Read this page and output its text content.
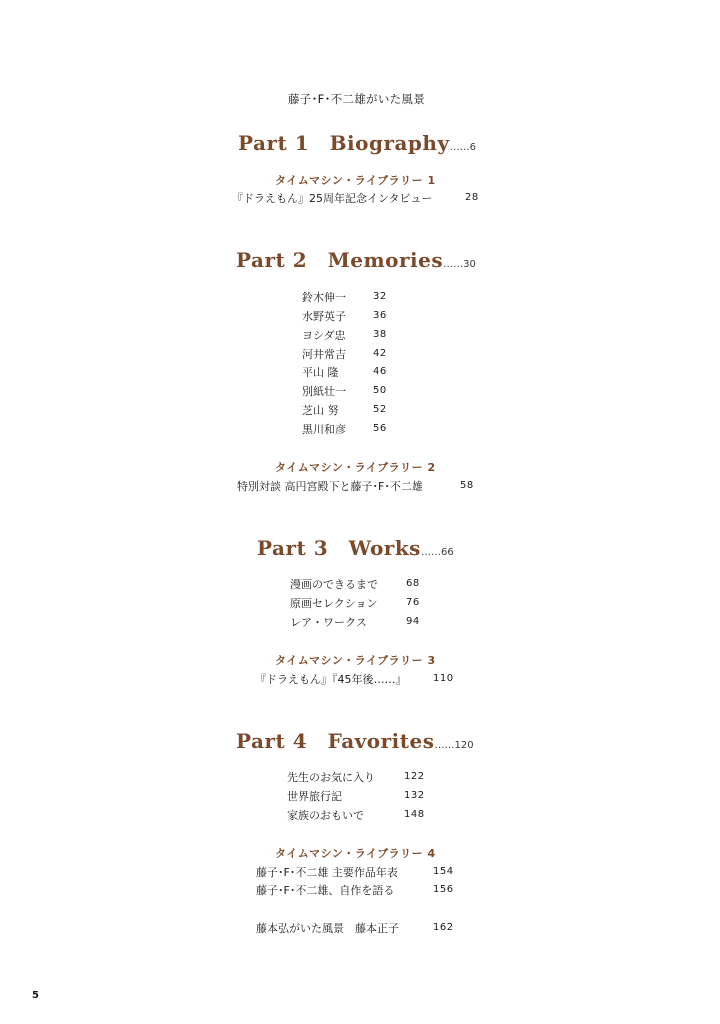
藤子･F･不二雄がいた風景
Part 1　Biography……6
タイムマシン・ライブラリー 1
『ドラえもん』25周年記念インタビュー	28
Part 2　Memories……30
鈴木伸一	32
水野英子	36
ヨシダ忠	38
河井常吉	42
平山 隆	46
別紙壮一	50
芝山 努	52
黒川和彦	56
タイムマシン・ライブラリー 2
特別対談 高円宮殿下と藤子･F･不二雄	58
Part 3　Works……66
漫画のできるまで	68
原画セレクション	76
レア・ワークス	94
タイムマシン・ライブラリー 3
『ドラえもん』『45年後……』	110
Part 4　Favorites……120
先生のお気に入り	122
世界旅行記	132
家族のおもいで	148
タイムマシン・ライブラリー 4
藤子･F･不二雄 主要作品年表	154
藤子･F･不二雄、自作を語る	156
藤本弘がいた風景　藤本正子	162
5
